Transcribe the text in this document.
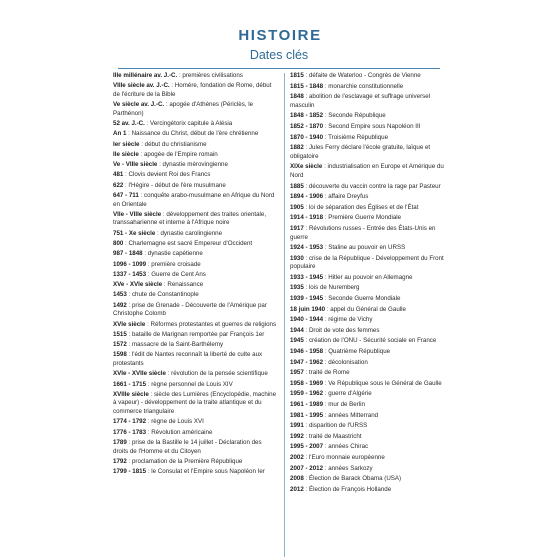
HISTOIRE
Dates clés
IIIe millénaire av. J.-C. : premières civilisations
VIIIe siècle av. J.-C. : Homère, fondation de Rome, début de l'écriture de la Bible
Ve siècle av. J.-C. : apogée d'Athènes (Périclès, le Parthénon)
52 av. J.-C. : Vercingétorix capitule à Alésia
An 1 : Naissance du Christ, début de l'ère chrétienne
Ier siècle : début du christianisme
IIe siècle : apogée de l'Empire romain
Ve - VIIIe siècle : dynastie mérovingienne
481 : Clovis devient Roi des Francs
622 : l'Hégire - début de l'ère musulmane
647 - 711 : conquête arabo-musulmane en Afrique du Nord en Orientale
VIIe - VIIIe siècle : développement des traites orientale, transsaharienne et interne à l'Afrique noire
751 - Xe siècle : dynastie carolingienne
800 : Charlemagne est sacré Empereur d'Occident
987 - 1848 : dynastie capétienne
1096 - 1099 : première croisade
1337 - 1453 : Guerre de Cent Ans
XVe - XVIe siècle : Renaissance
1453 : chute de Constantinople
1492 : prise de Grenade - Découverte de l'Amérique par Christophe Colomb
XVIe siècle : Réformes protestantes et guerres de religions
1515 : bataille de Marignan remportée par François 1er
1572 : massacre de la Saint-Barthélemy
1598 : l'édit de Nantes reconnaît la liberté de culte aux protestants
XVIe - XVIIe siècle : révolution de la pensée scientifique
1661 - 1715 : règne personnel de Louis XIV
XVIIIe siècle : siècle des Lumières (Encyclopédie, machine à vapeur) - développement de la traite atlantique et du commerce triangulaire
1774 - 1792 : règne de Louis XVI
1776 - 1783 : Révolution américaine
1789 : prise de la Bastille le 14 juillet - Déclaration des droits de l'Homme et du Citoyen
1792 : proclamation de la Première République
1799 - 1815 : le Consulat et l'Empire sous Napoléon Ier
1815 : défaite de Waterloo - Congrès de Vienne
1815 - 1848 : monarchie constitutionnelle
1848 : abolition de l'esclavage et suffrage universel masculin
1848 - 1852 : Seconde République
1852 - 1870 : Second Empire sous Napoléon III
1870 - 1940 : Troisième République
1882 : Jules Ferry déclare l'école gratuite, laïque et obligatoire
XIXe siècle : industrialisation en Europe et Amérique du Nord
1885 : découverte du vaccin contre la rage par Pasteur
1894 - 1906 : affaire Dreyfus
1905 : loi de séparation des Églises et de l'État
1914 - 1918 : Première Guerre Mondiale
1917 : Révolutions russes - Entrée des États-Unis en guerre
1924 - 1953 : Staline au pouvoir en URSS
1930 : crise de la République - Développement du Front populaire
1933 - 1945 : Hitler au pouvoir en Allemagne
1935 : lois de Nuremberg
1939 - 1945 : Seconde Guerre Mondiale
18 juin 1940 : appel du Général de Gaulle
1940 - 1944 : régime de Vichy
1944 : Droit de vote des femmes
1945 : création de l'ONU - Sécurité sociale en France
1946 - 1958 : Quatrième République
1947 - 1962 : décolonisation
1957 : traité de Rome
1958 - 1969 : Ve République sous le Général de Gaulle
1959 - 1962 : guerre d'Algérie
1961 - 1989 : mur de Berlin
1981 - 1995 : années Mitterrand
1991 : disparition de l'URSS
1992 : traité de Maastricht
1995 - 2007 : années Chirac
2002 : l'Euro monnaie européenne
2007 - 2012 : années Sarkozy
2008 : Élection de Barack Obama (USA)
2012 : Élection de François Hollande
